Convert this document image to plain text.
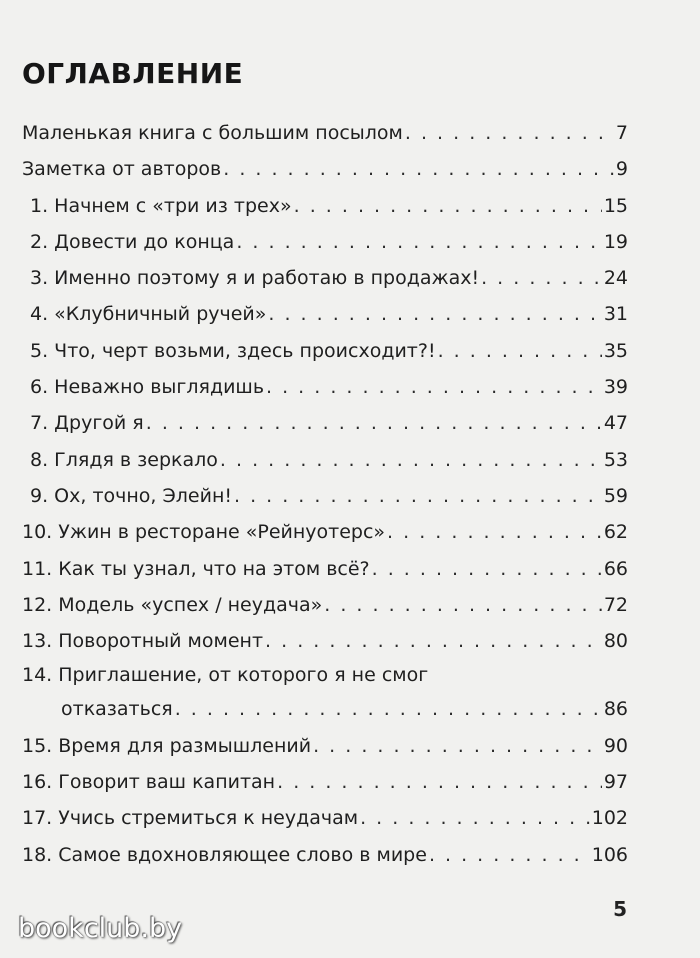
ОГЛАВЛЕНИЕ
Маленькая книга с большим посылом . . .	7
Заметка от авторов . . .	9
1. Начнем с «три из трех» . . .	15
2. Довести до конца . . .	19
3. Именно поэтому я и работаю в продажах! . . .	24
4. «Клубничный ручей» . . .	31
5. Что, черт возьми, здесь происходит?! . . .	35
6. Неважно выглядишь . . .	39
7. Другой я . . .	47
8. Глядя в зеркало . . .	53
9. Ох, точно, Элейн! . . .	59
10. Ужин в ресторане «Рейнуотерс» . . .	62
11. Как ты узнал, что на этом всё? . . .	66
12. Модель «успех / неудача» . . .	72
13. Поворотный момент . . .	80
14. Приглашение, от которого я не смог
отказаться . . .	86
15. Время для размышлений . . .	90
16. Говорит ваш капитан . . .	97
17. Учись стремиться к неудачам . . .	102
18. Самое вдохновляющее слово в мире . . .	106
5
bookclub.by
